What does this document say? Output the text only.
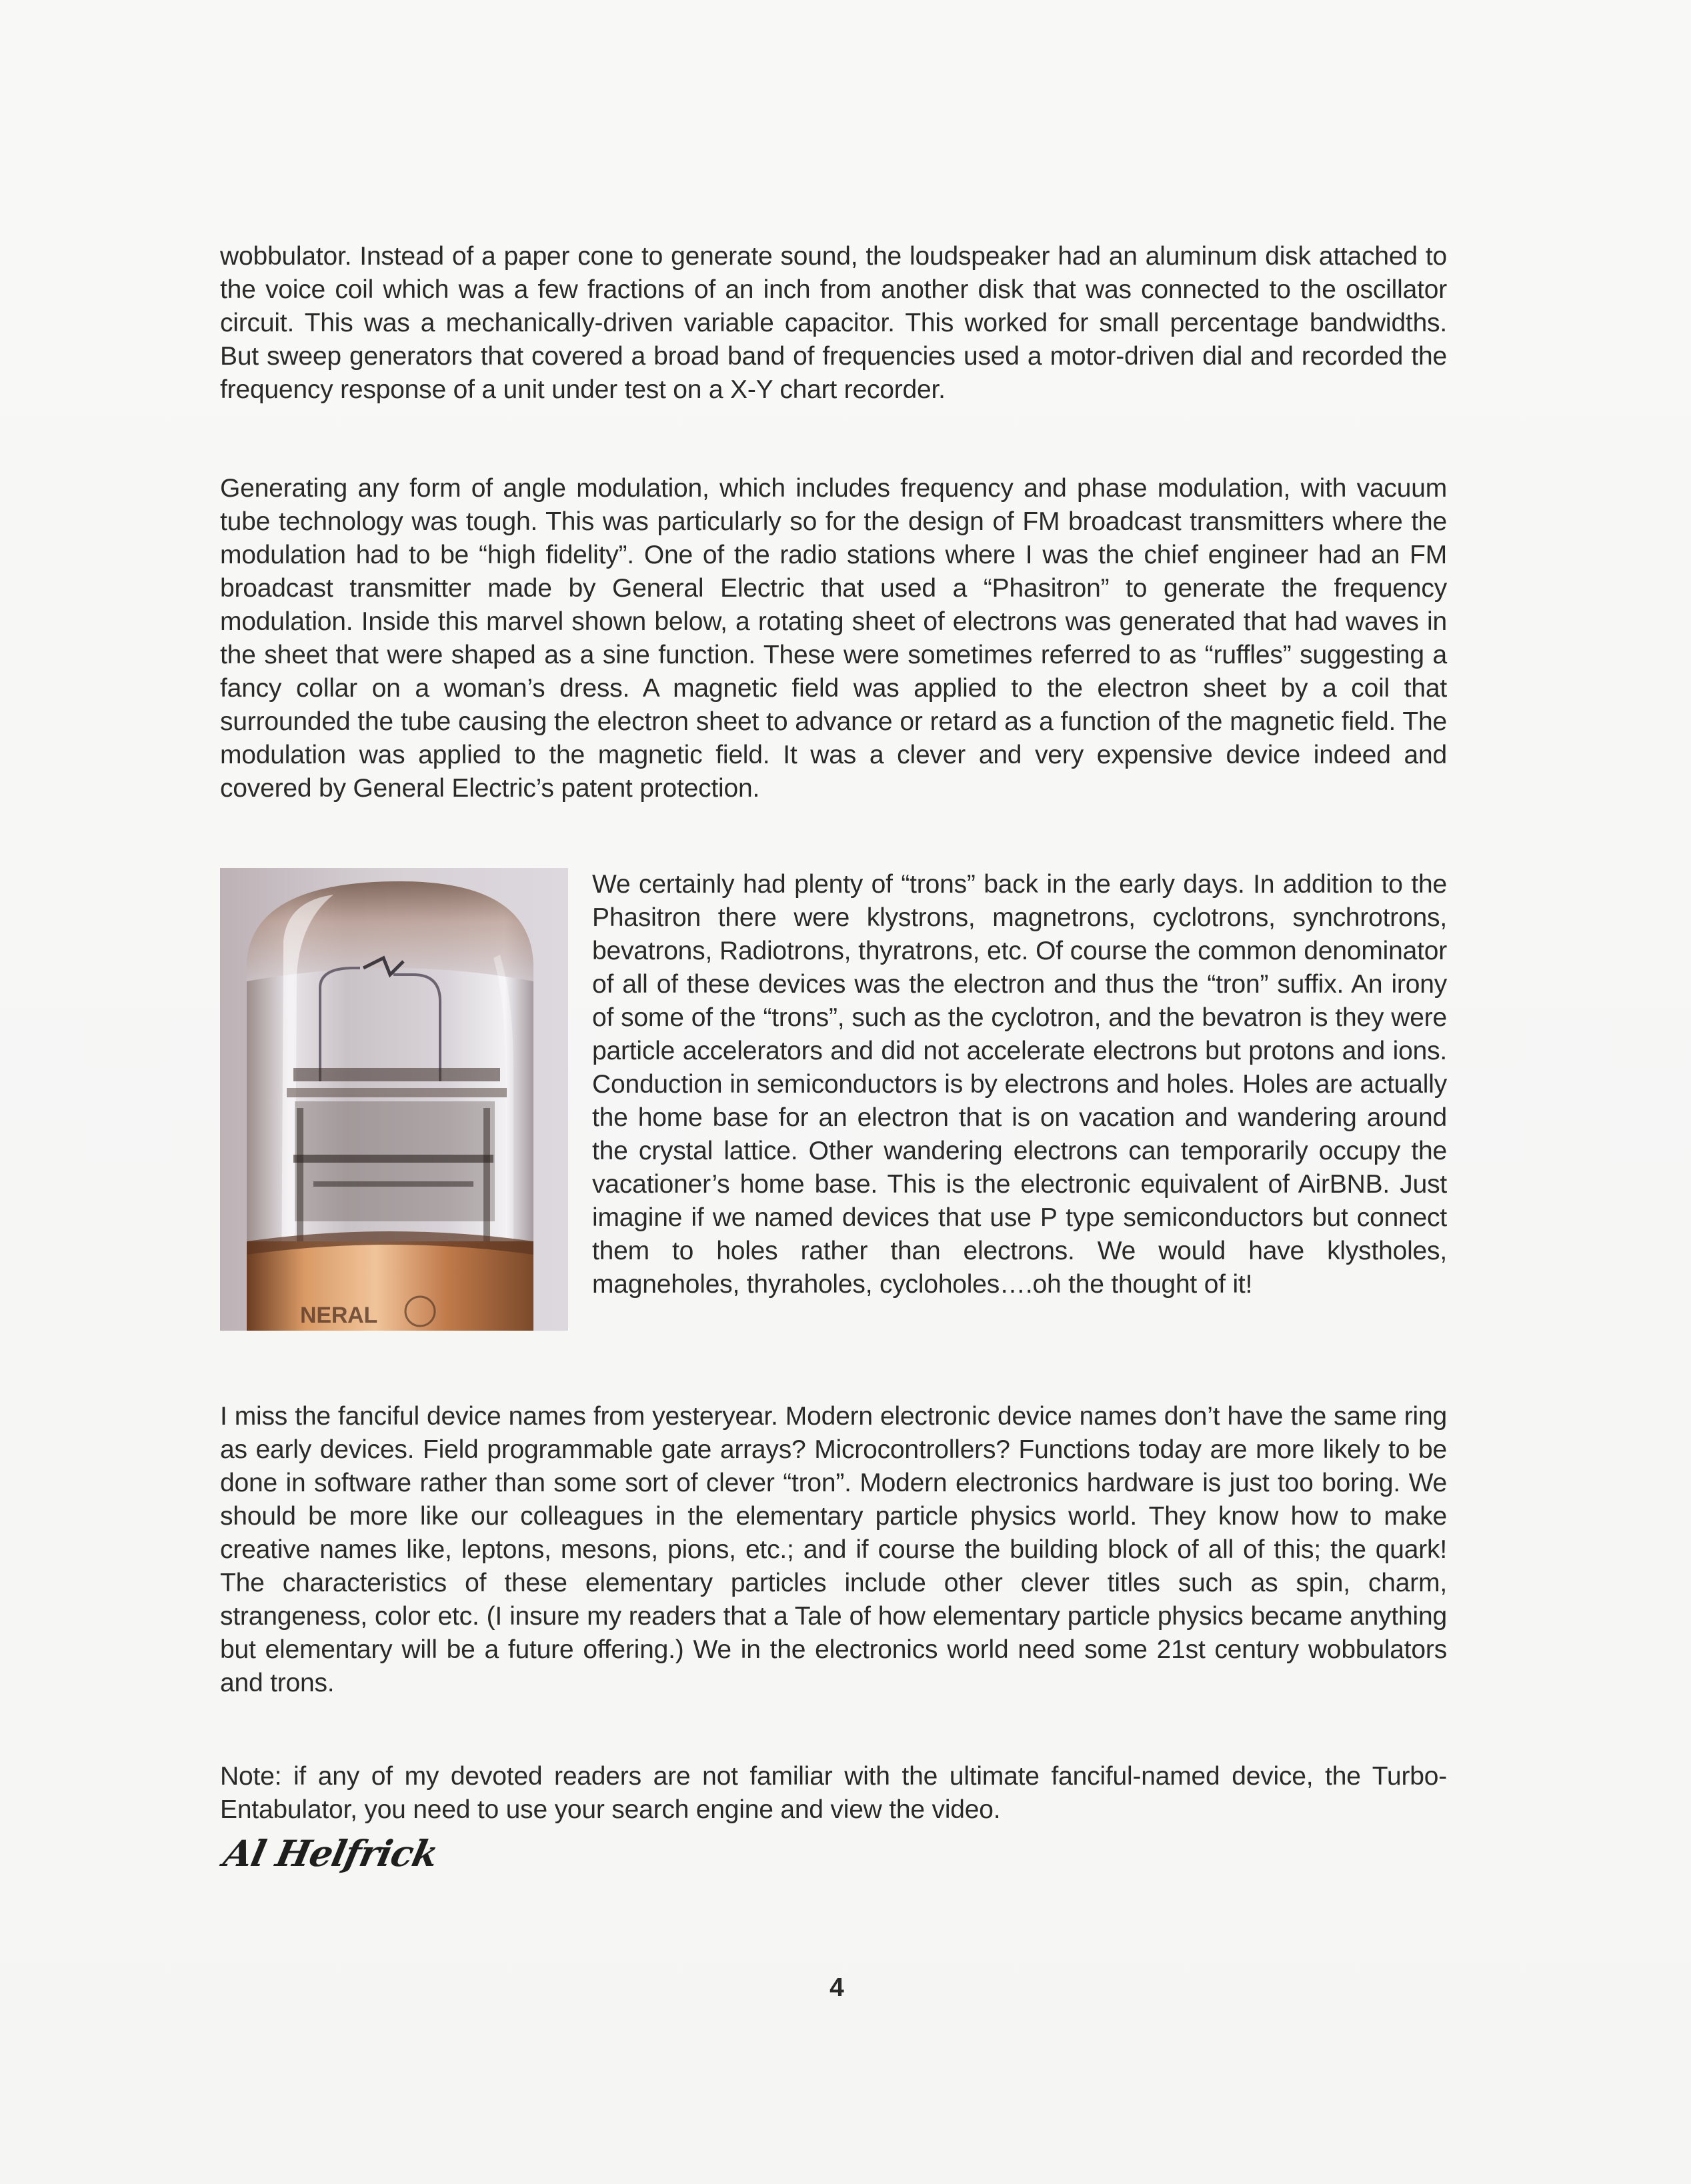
wobbulator. Instead of a paper cone to generate sound, the loudspeaker had an aluminum disk attached to the voice coil which was a few fractions of an inch from another disk that was connected to the oscillator circuit. This was a mechanically-driven variable capacitor. This worked for small percentage bandwidths. But sweep generators that covered a broad band of frequencies used a motor-driven dial and recorded the frequency response of a unit under test on a X-Y chart recorder.

Generating any form of angle modulation, which includes frequency and phase modulation, with vacuum tube technology was tough. This was particularly so for the design of FM broadcast transmitters where the modulation had to be “high fidelity”. One of the radio stations where I was the chief engineer had an FM broadcast transmitter made by General Electric that used a “Phasitron” to generate the frequency modulation. Inside this marvel shown below, a rotating sheet of electrons was generated that had waves in the sheet that were shaped as a sine function. These were sometimes referred to as “ruffles” suggesting a fancy collar on a woman’s dress. A magnetic field was applied to the electron sheet by a coil that surrounded the tube causing the electron sheet to advance or retard as a function of the magnetic field. The modulation was applied to the magnetic field. It was a clever and very expensive device indeed and covered by General Electric’s patent protection.

NERAL

We certainly had plenty of “trons” back in the early days. In addition to the Phasitron there were klystrons, magnetrons, cyclotrons, synchrotrons, bevatrons, Radiotrons, thyratrons, etc. Of course the common denominator of all of these devices was the electron and thus the “tron” suffix. An irony of some of the “trons”, such as the cyclotron, and the bevatron is they were particle accelerators and did not accelerate electrons but protons and ions. Conduction in semiconductors is by electrons and holes. Holes are actually the home base for an electron that is on vacation and wandering around the crystal lattice. Other wandering electrons can temporarily occupy the vacationer’s home base. This is the electronic equivalent of AirBNB. Just imagine if we named devices that use P type semiconductors but connect them to holes rather than electrons. We would have klystholes, magneholes, thyraholes, cycloholes….oh the thought of it!

I miss the fanciful device names from yesteryear. Modern electronic device names don’t have the same ring as early devices. Field programmable gate arrays? Microcontrollers? Functions today are more likely to be done in software rather than some sort of clever “tron”. Modern electronics hardware is just too boring. We should be more like our colleagues in the elementary particle physics world. They know how to make creative names like, leptons, mesons, pions, etc.; and if course the building block of all of this; the quark! The characteristics of these elementary particles include other clever titles such as spin, charm, strangeness, color etc. (I insure my readers that a Tale of how elementary particle physics became anything but elementary will be a future offering.) We in the electronics world need some 21st century wobbulators and trons.

Note: if any of my devoted readers are not familiar with the ultimate fanciful-named device, the Turbo-Entabulator, you need to use your search engine and view the video.

Al Helfrick
4
